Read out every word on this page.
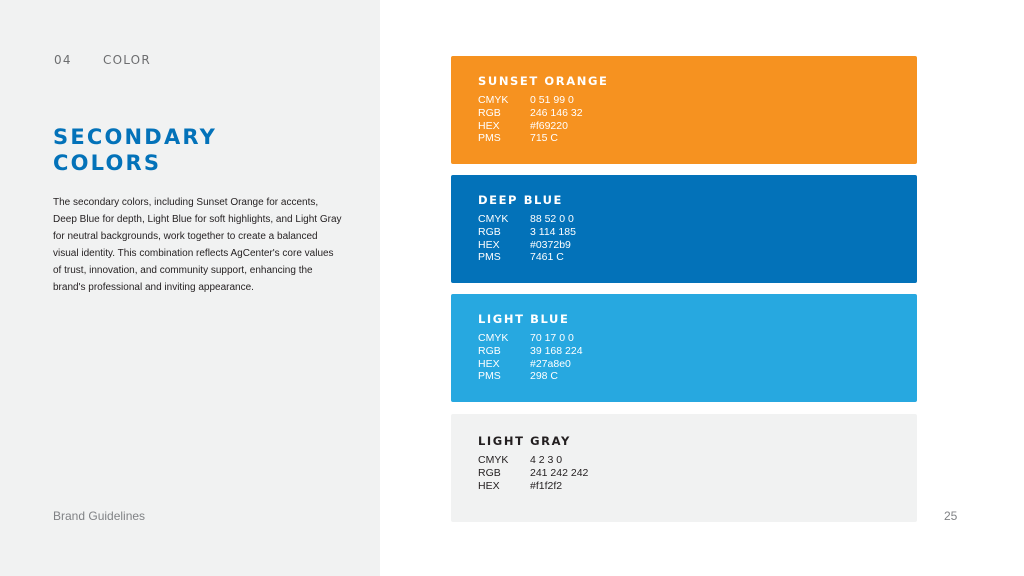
04	COLOR
SECONDARY
COLORS

The secondary colors, including Sunset Orange for accents, Deep Blue for depth, Light Blue for soft highlights, and Light Gray for neutral backgrounds, work together to create a balanced visual identity. This combination reflects AgCenter's core values of trust, innovation, and community support, enhancing the brand's professional and inviting appearance.

Brand Guidelines
SUNSET ORANGE
CMYK	0 51 99 0
RGB	246 146 32
HEX	#f69220
PMS	715 C
DEEP BLUE
CMYK	88 52 0 0
RGB	3 114 185
HEX	#0372b9
PMS	7461 C
LIGHT BLUE
CMYK	70 17 0 0
RGB	39 168 224
HEX	#27a8e0
PMS	298 C
LIGHT GRAY
CMYK	4 2 3 0
RGB	241 242 242
HEX	#f1f2f2
25
